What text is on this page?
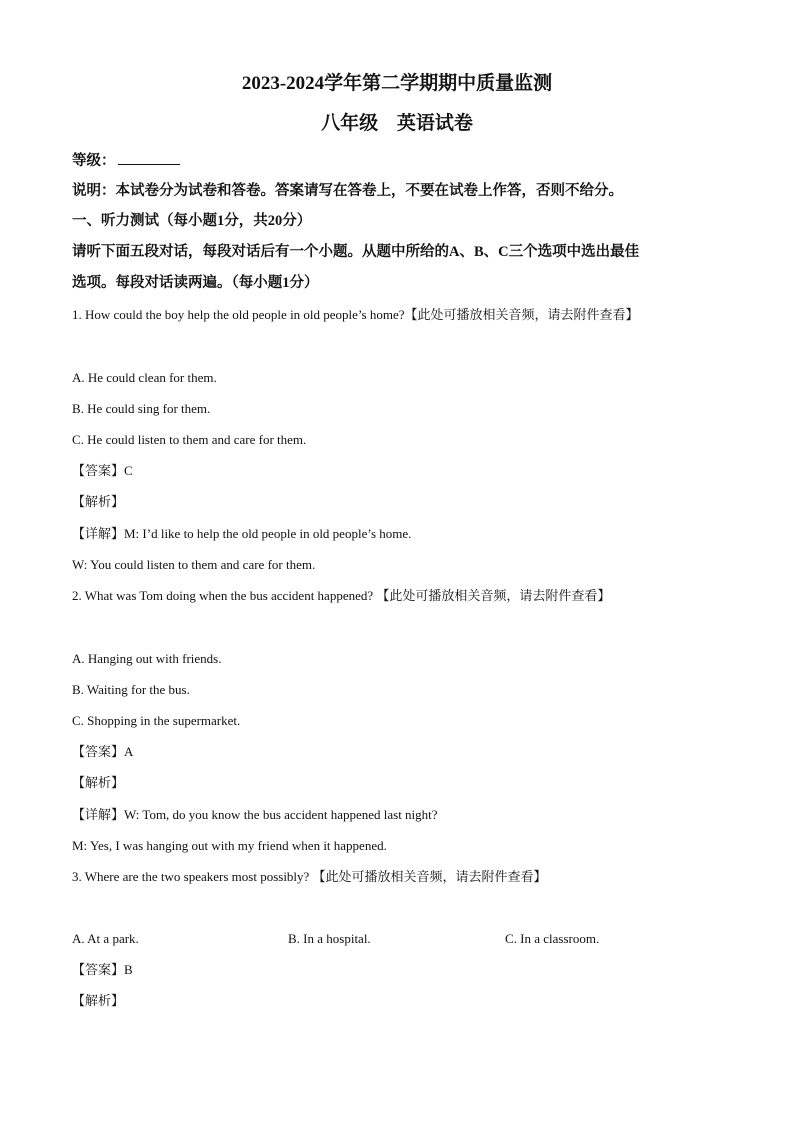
2023-2024学年第二学期期中质量监测
八年级 英语试卷
等级：
说明：本试卷分为试卷和答卷。答案请写在答卷上，不要在试卷上作答，否则不给分。
一、听力测试（每小题1分，共20分）
请听下面五段对话，每段对话后有一个小题。从题中所给的A、B、C三个选项中选出最佳
选项。每段对话读两遍。（每小题1分）
1. How could the boy help the old people in old people’s home?【此处可播放相关音频，请去附件查看】
A. He could clean for them.
B. He could sing for them.
C. He could listen to them and care for them.
【答案】C
【解析】
【详解】M: I’d like to help the old people in old people’s home.
W: You could listen to them and care for them.
2. What was Tom doing when the bus accident happened? 【此处可播放相关音频，请去附件查看】
A. Hanging out with friends.
B. Waiting for the bus.
C. Shopping in the supermarket.
【答案】A
【解析】
【详解】W: Tom, do you know the bus accident happened last night?
M: Yes, I was hanging out with my friend when it happened.
3. Where are the two speakers most possibly? 【此处可播放相关音频，请去附件查看】
A. At a park.	B. In a hospital.	C. In a classroom.
【答案】B
【解析】
